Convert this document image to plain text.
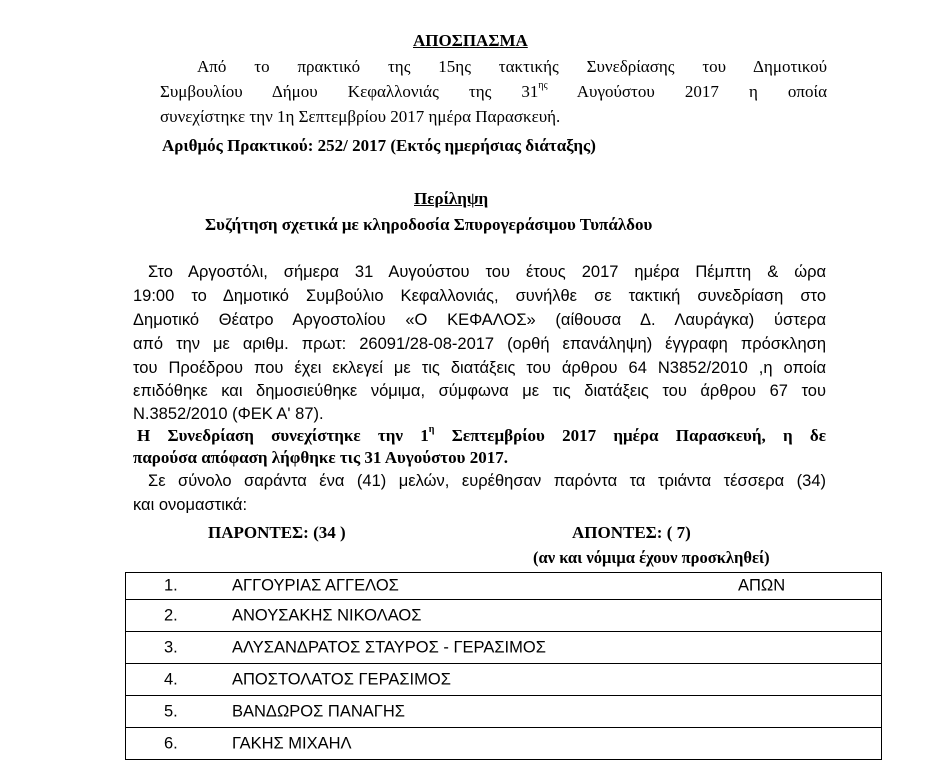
ΑΠΟΣΠΑΣΜΑ
Από το πρακτικό της 15ης τακτικής Συνεδρίασης του Δημοτικού
Συμβουλίου Δήμου Κεφαλλονιάς της $31^{\eta\varsigma}$ Αυγούστου 2017 η οποία
συνεχίστηκε την 1η Σεπτεμβρίου 2017 ημέρα Παρασκευή.
Αριθμός Πρακτικού: 252/ 2017 (Εκτός ημερήσιας διάταξης)
Περίληψη
Συζήτηση σχετικά με κληροδοσία Σπυρογεράσιμου Τυπάλδου
Στο Αργοστόλι, σήμερα 31 Αυγούστου του έτους 2017 ημέρα Πέμπτη & ώρα
19:00 το Δημοτικό Συμβούλιο Κεφαλλονιάς, συνήλθε σε τακτική συνεδρίαση στο
Δημοτικό Θέατρο Αργοστολίου «Ο ΚΕΦΑΛΟΣ» (αίθουσα Δ. Λαυράγκα) ύστερα
από την με αριθμ. πρωτ: 26091/28-08-2017 (ορθή επανάληψη) έγγραφη πρόσκληση
του Προέδρου που έχει εκλεγεί με τις διατάξεις του άρθρου 64 Ν3852/2010 ,η οποία
επιδόθηκε και δημοσιεύθηκε νόμιμα, σύμφωνα με τις διατάξεις του άρθρου 67 του
Ν.3852/2010 (ΦΕΚ Α' 87).
Η Συνεδρίαση συνεχίστηκε την $1^\eta$ Σεπτεμβρίου 2017 ημέρα Παρασκευή, η δε
παρούσα απόφαση λήφθηκε τις 31 Αυγούστου 2017.
Σε σύνολο σαράντα ένα (41) μελών, ευρέθησαν παρόντα τα τριάντα τέσσερα (34)
και ονομαστικά:
ΠΑΡΟΝΤΕΣ: (34 )	ΑΠΟΝΤΕΣ: ( 7)
(αν και νόμιμα έχουν προσκληθεί)
1.	ΑΓΓΟΥΡΙΑΣ ΑΓΓΕΛΟΣ	ΑΠΩΝ

2.	ΑΝΟΥΣΑΚΗΣ ΝΙΚΟΛΑΟΣ

3.	ΑΛΥΣΑΝΔΡΑΤΟΣ ΣΤΑΥΡΟΣ - ΓΕΡΑΣΙΜΟΣ

4.	ΑΠΟΣΤΟΛΑΤΟΣ ΓΕΡΑΣΙΜΟΣ

5.	ΒΑΝΔΩΡΟΣ ΠΑΝΑΓΗΣ

6.	ΓΑΚΗΣ ΜΙΧΑΗΛ
